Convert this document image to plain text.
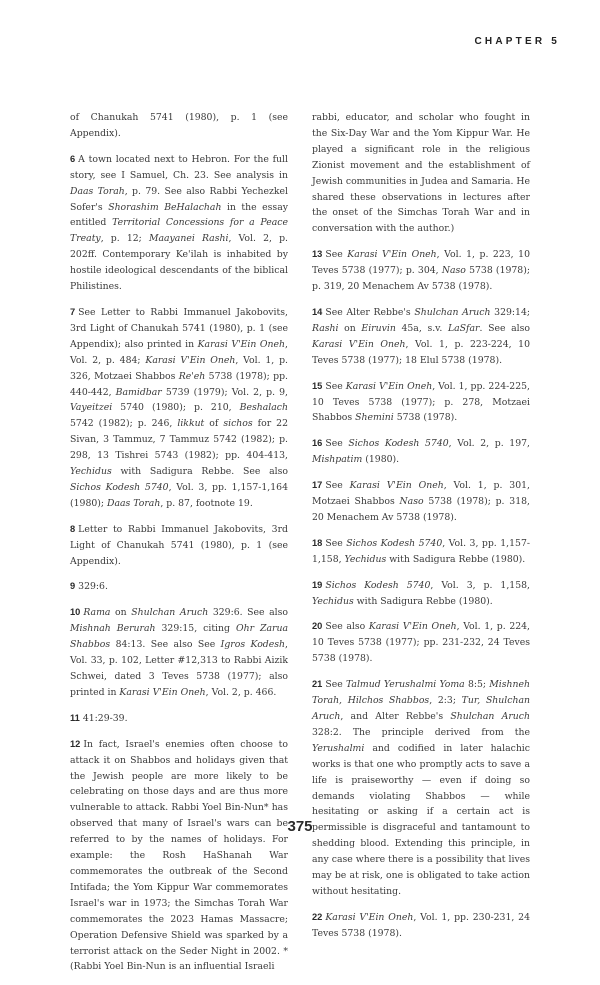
CHAPTER 5

of Chanukah 5741 (1980), p. 1 (see Appendix).

6 A town located next to Hebron. For the full story, see I Samuel, Ch. 23. See analysis in Daas Torah, p. 79. See also Rabbi Yechezkel Sofer's Shorashim BeHalachah in the essay entitled Territorial Concessions for a Peace Treaty, p. 12; Maayanei Rashi, Vol. 2, p. 202ff. Contemporary Ke'ilah is inhabited by hostile ideological descendants of the biblical Philistines.

7 See Letter to Rabbi Immanuel Jakobovits, 3rd Light of Chanukah 5741 (1980), p. 1 (see Appendix); also printed in Karasi V'Ein Oneh, Vol. 2, p. 484; Karasi V'Ein Oneh, Vol. 1, p. 326, Motzaei Shabbos Re'eh 5738 (1978); pp. 440-442, Bamidbar 5739 (1979); Vol. 2, p. 9, Vayeitzei 5740 (1980); p. 210, Beshalach 5742 (1982); p. 246, likkut of sichos for 22 Sivan, 3 Tammuz, 7 Tammuz 5742 (1982); p. 298, 13 Tishrei 5743 (1982); pp. 404-413, Yechidus with Sadigura Rebbe. See also Sichos Kodesh 5740, Vol. 3, pp. 1,157-1,164 (1980); Daas Torah, p. 87, footnote 19.

8 Letter to Rabbi Immanuel Jakobovits, 3rd Light of Chanukah 5741 (1980), p. 1 (see Appendix).

9 329:6.

10 Rama on Shulchan Aruch 329:6. See also Mishnah Berurah 329:15, citing Ohr Zarua Shabbos 84:13. See also See Igros Kodesh, Vol. 33, p. 102, Letter #12,313 to Rabbi Aizik Schwei, dated 3 Teves 5738 (1977); also printed in Karasi V'Ein Oneh, Vol. 2, p. 466.

11 41:29-39.

12 In fact, Israel's enemies often choose to attack it on Shabbos and holidays given that the Jewish people are more likely to be celebrating on those days and are thus more vulnerable to attack. Rabbi Yoel Bin-Nun* has observed that many of Israel's wars can be referred to by the names of holidays. For example: the Rosh HaShanah War commemorates the outbreak of the Second Intifada; the Yom Kippur War commemorates Israel's war in 1973; the Simchas Torah War commemorates the 2023 Hamas Massacre; Operation Defensive Shield was sparked by a terrorist attack on the Seder Night in 2002. *(Rabbi Yoel Bin-Nun is an influential Israeli

rabbi, educator, and scholar who fought in the Six-Day War and the Yom Kippur War. He played a significant role in the religious Zionist movement and the establishment of Jewish communities in Judea and Samaria. He shared these observations in lectures after the onset of the Simchas Torah War and in conversation with the author.)

13 See Karasi V'Ein Oneh, Vol. 1, p. 223, 10 Teves 5738 (1977); p. 304, Naso 5738 (1978); p. 319, 20 Menachem Av 5738 (1978).

14 See Alter Rebbe's Shulchan Aruch 329:14; Rashi on Eiruvin 45a, s.v. LaSfar. See also Karasi V'Ein Oneh, Vol. 1, p. 223-224, 10 Teves 5738 (1977); 18 Elul 5738 (1978).

15 See Karasi V'Ein Oneh, Vol. 1, pp. 224-225, 10 Teves 5738 (1977); p. 278, Motzaei Shabbos Shemini 5738 (1978).

16 See Sichos Kodesh 5740, Vol. 2, p. 197, Mishpatim (1980).

17 See Karasi V'Ein Oneh, Vol. 1, p. 301, Motzaei Shabbos Naso 5738 (1978); p. 318, 20 Menachem Av 5738 (1978).

18 See Sichos Kodesh 5740, Vol. 3, pp. 1,157-1,158, Yechidus with Sadigura Rebbe (1980).

19 Sichos Kodesh 5740, Vol. 3, p. 1,158, Yechidus with Sadigura Rebbe (1980).

20 See also Karasi V'Ein Oneh, Vol. 1, p. 224, 10 Teves 5738 (1977); pp. 231-232, 24 Teves 5738 (1978).

21 See Talmud Yerushalmi Yoma 8:5; Mishneh Torah, Hilchos Shabbos, 2:3; Tur, Shulchan Aruch, and Alter Rebbe's Shulchan Aruch 328:2. The principle derived from the Yerushalmi and codified in later halachic works is that one who promptly acts to save a life is praiseworthy — even if doing so demands violating Shabbos — while hesitating or asking if a certain act is permissible is disgraceful and tantamount to shedding blood. Extending this principle, in any case where there is a possibility that lives may be at risk, one is obligated to take action without hesitating.

22 Karasi V'Ein Oneh, Vol. 1, pp. 230-231, 24 Teves 5738 (1978).

375
